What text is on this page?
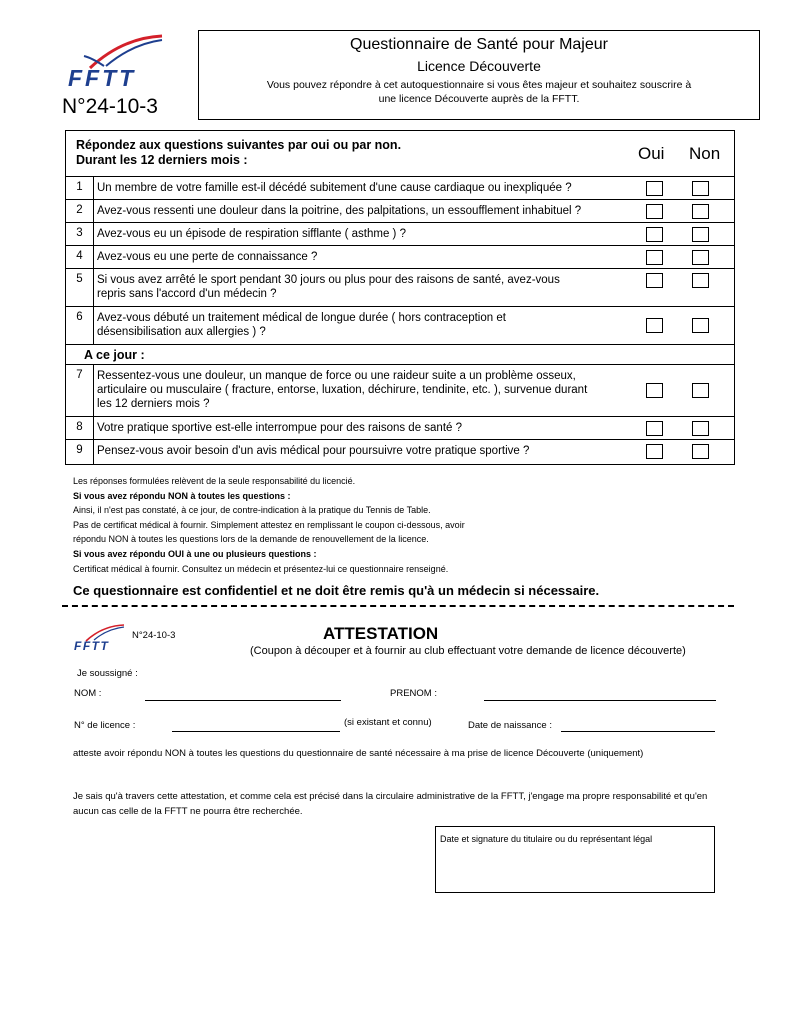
FFTT
N°24-10-3
Questionnaire de Santé pour Majeur
Licence Découverte
Vous pouvez répondre à cet autoquestionnaire si vous êtes majeur et souhaitez souscrire à une licence Découverte auprès de la FFTT.
Répondez aux questions suivantes par oui ou par non.
Durant les 12 derniers mois :	Oui Non
1	Un membre de votre famille est-il décédé subitement d'une cause cardiaque ou inexpliquée ?
2	Avez-vous ressenti une douleur dans la poitrine, des palpitations, un essoufflement inhabituel ?
3	Avez-vous eu un épisode de respiration sifflante ( asthme ) ?
4	Avez-vous eu une perte de connaissance ?
5	Si vous avez arrêté le sport pendant 30 jours ou plus pour des raisons de santé, avez-vous repris sans l'accord d'un médecin ?
6	Avez-vous débuté un traitement médical de longue durée ( hors contraception et désensibilisation aux allergies ) ?
A ce jour :
7	Ressentez-vous une douleur, un manque de force ou une raideur suite a un problème osseux, articulaire ou musculaire ( fracture, entorse, luxation, déchirure, tendinite, etc. ), survenue durant les 12 derniers mois ?
8	Votre pratique sportive est-elle interrompue pour des raisons de santé ?
9	Pensez-vous avoir besoin d'un avis médical pour poursuivre votre pratique sportive ?
Les réponses formulées relèvent de la seule responsabilité du licencié.
Si vous avez répondu NON à toutes les questions :
Ainsi, il n'est pas constaté, à ce jour, de contre-indication à la pratique du Tennis de Table.
Pas de certificat médical à fournir. Simplement attestez en remplissant le coupon ci-dessous, avoir
répondu NON à toutes les questions lors de la demande de renouvellement de la licence.
Si vous avez répondu OUI à une ou plusieurs questions :
Certificat médical à fournir. Consultez un médecin et présentez-lui ce questionnaire renseigné.
Ce questionnaire est confidentiel et ne doit être remis qu'à un médecin si nécessaire.
FFTT
N°24-10-3	ATTESTATION
(Coupon à découper et à fournir au club effectuant votre demande de licence découverte)
Je soussigné :
NOM :	PRENOM :
N° de licence :	(si existant et connu)	Date de naissance :
atteste avoir répondu NON à toutes les questions du questionnaire de santé nécessaire à ma prise de licence Découverte (uniquement)
Je sais qu'à travers cette attestation, et comme cela est précisé dans la circulaire administrative de la FFTT, j'engage ma propre responsabilité et qu'en aucun cas celle de la FFTT ne pourra être recherchée.
Date et signature du titulaire ou du représentant légal
